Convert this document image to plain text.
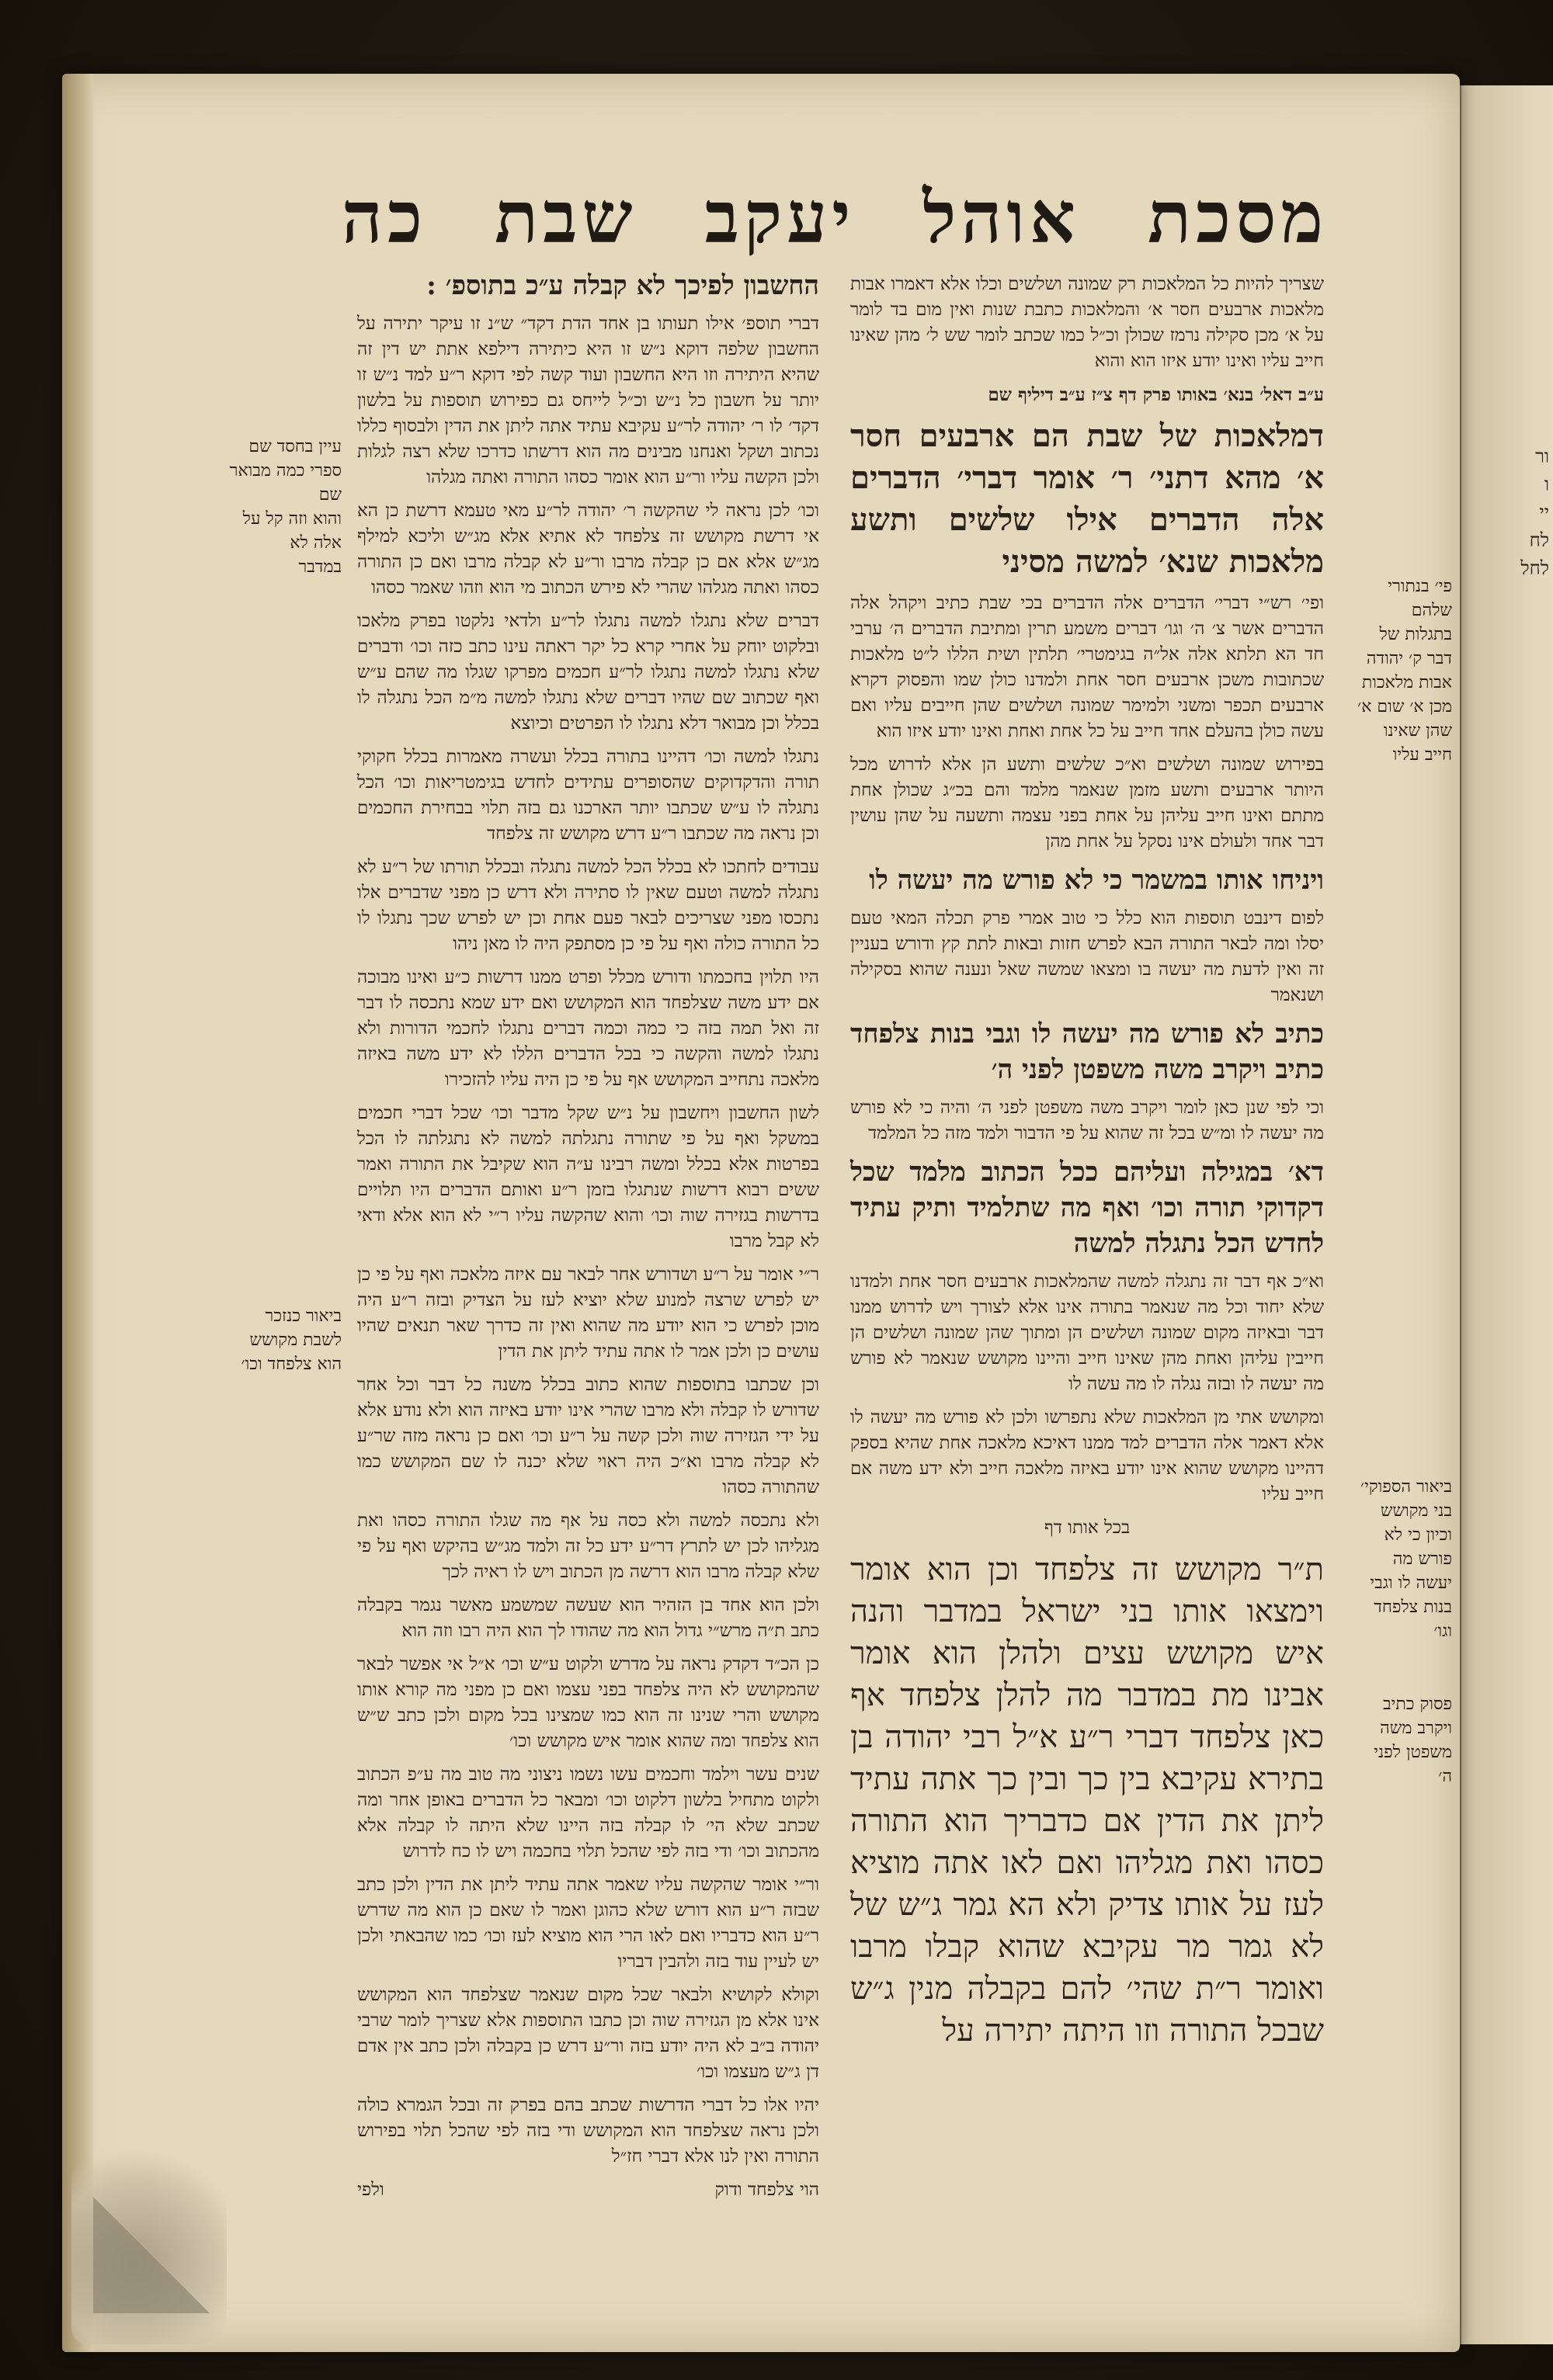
מסכת
אוהל
יעקב
שבת
כה

שצריך להיות כל המלאכות רק שמונה ושלשים וכלו אלא דאמרו אבות מלאכות ארבעים חסר א׳ והמלאכות כתבת שנות ואין מום בד לומר על א׳ מכן סקילה נרמז שכולן וכ״ל כמו שכתב לומר שש ל׳ מהן שאינו חייב עליו ואינו יודע איזו הוא והוא

ע״ב דאל׳ בנא׳ באותו פרק דף צ״ז ע״ב דיליף שם

דמלאכות של שבת הם ארבעים חסר א׳ מהא דתני׳ ר׳ אומר דברי׳ הדברים אלה הדברים אילו שלשים ותשע מלאכות שנא׳ למשה מסיני

ופי׳ רש״י דברי׳ הדברים אלה הדברים בכי שבת כתיב ויקהל אלה הדברים אשר צ׳ ה׳ וגו׳ דברים משמע תרין ומתיבת הדברים ה׳ ערבי חד הא תלתא אלה אל״ה בגימטרי׳ תלתין ושית הללו ל״ט מלאכות שכתובות משכן ארבעים חסר אחת ולמדנו כולן שמו והפסוק דקרא ארבעים תכפר ומשני ולמימר שמונה ושלשים שהן חייבים עליו ואם עשה כולן בהעלם אחד חייב על כל אחת ואחת ואינו יודע איזו הוא

בפירוש שמונה ושלשים וא״כ שלשים ותשע הן אלא לדרוש מכל היותר ארבעים ותשע מזמן שנאמר מלמד והם בכ״ג שכולן אחת מתתם ואינו חייב עליהן על אחת בפני עצמה ותשעה על שהן עושין דבר אחד ולעולם אינו נסקל על אחת מהן

ויניחו אותו במשמר כי לא פורש מה יעשה לו

לפום דינבט תוספות הוא כלל כי טוב אמרי פרק תכלה המאי טעם יסלו ומה לבאר התורה הבא לפרש חזות ובאות לתת קץ ודורש בעניין זה ואין לדעת מה יעשה בו ומצאו שמשה שאל ונענה שהוא בסקילה ושנאמר

כתיב לא פורש מה יעשה לו וגבי בנות צלפחד כתיב ויקרב משה משפטן לפני ה׳

וכי לפי שנן כאן לומר ויקרב משה משפטן לפני ה׳ והיה כי לא פורש מה יעשה לו ומ״ש בכל זה שהוא על פי הדבור ולמד מזה כל המלמד

דא׳ במגילה ועליהם ככל הכתוב מלמד שכל דקדוקי תורה וכו׳ ואף מה שתלמיד ותיק עתיד לחדש הכל נתגלה למשה

וא״כ אף דבר זה נתגלה למשה שהמלאכות ארבעים חסר אחת ולמדנו שלא יחוד וכל מה שנאמר בתורה אינו אלא לצורך ויש לדרוש ממנו דבר ובאיזה מקום שמונה ושלשים הן ומתוך שהן שמונה ושלשים הן חייבין עליהן ואחת מהן שאינו חייב והיינו מקושש שנאמר לא פורש מה יעשה לו ובזה נגלה לו מה עשה לו

ומקושש אתי מן המלאכות שלא נתפרשו ולכן לא פורש מה יעשה לו אלא דאמר אלה הדברים למד ממנו דאיכא מלאכה אחת שהיא בספק דהיינו מקושש שהוא אינו יודע באיזה מלאכה חייב ולא ידע משה אם חייב עליו

בכל אותו דף

ת״ר מקושש זה צלפחד וכן הוא אומר וימצאו אותו בני ישראל במדבר והנה איש מקושש עצים ולהלן הוא אומר אבינו מת במדבר מה להלן צלפחד אף כאן צלפחד דברי ר״ע א״ל רבי יהודה בן בתירא עקיבא בין כך ובין כך אתה עתיד ליתן את הדין אם כדבריך הוא התורה כסהו ואת מגליהו ואם לאו אתה מוציא לעז על אותו צדיק ולא הא גמר ג״ש של לא גמר מר עקיבא שהוא קבלו מרבו ואומר ר״ת שהי׳ להם בקבלה מנין ג״ש שבכל התורה וזו היתה יתירה על

החשבון לפיכך לא קבלה ע״כ בתוספ׳ :

דברי תוספ׳ אילו תעותו בן אחד הדת דקד״ ש״נ זו עיקר יתירה על החשבון שלפה דוקא נ״ש זו היא כיתירה דילפא אתת יש דין זה שהיא היתירה וזו היא החשבון ועוד קשה לפי דוקא ר״ע למד נ״ש זו יותר על חשבון כל נ״ש וכ״ל לייחס גם כפירוש תוספות על בלשון דקד׳ לו ר׳ יהודה לר״ע עקיבא עתיד אתה ליתן את הדין ולבסוף כללו נכתוב ושקל ואנחנו מבינים מה הוא דרשתו כדרכו שלא רצה לגלות ולכן הקשה עליו ור״ע הוא אומר כסהו התורה ואתה מגלהו

וכו׳ לכן נראה לי שהקשה ר׳ יהודה לר״ע מאי טעמא דרשת כן הא אי דרשת מקושש זה צלפחד לא אתיא אלא מג״ש וליכא למילף מג״ש אלא אם כן קבלה מרבו ור״ע לא קבלה מרבו ואם כן התורה כסהו ואתה מגלהו שהרי לא פירש הכתוב מי הוא וזהו שאמר כסהו

דברים שלא נתגלו למשה נתגלו לר״ע ולדאי נלקטו בפרק מלאכו ובלקוט יוחק על אחרי קרא כל יקר ראתה עינו כתב כזה וכו׳ ודברים שלא נתגלו למשה נתגלו לר״ע חכמים מפרקו שגלו מה שהם ע״ש ואף שכתוב שם שהיו דברים שלא נתגלו למשה מ״מ הכל נתגלה לו בכלל וכן מבואר דלא נתגלו לו הפרטים וכיוצא

נתגלו למשה וכו׳ דהיינו בתורה בכלל ועשרה מאמרות בכלל חקוקי תורה והדקדוקים שהסופרים עתידים לחדש בגימטריאות וכו׳ הכל נתגלה לו ע״ש שכתבו יותר הארכנו גם בזה תלוי בבחירת החכמים וכן נראה מה שכתבו ר״ע דרש מקושש זה צלפחד

עבודים לחתכו לא בכלל הכל למשה נתגלה ובכלל תורתו של ר״ע לא נתגלה למשה וטעם שאין לו סתירה ולא דרש כן מפני שדברים אלו נתכסו מפני שצריכים לבאר פעם אחת וכן יש לפרש שכך נתגלו לו כל התורה כולה ואף על פי כן מסתפק היה לו מאן ניהו

היו תלוין בחכמתו ודורש מכלל ופרט ממנו דרשות כ״ע ואינו מבוכה אם ידע משה שצלפחד הוא המקושש ואם ידע שמא נתכסה לו דבר זה ואל תמה בזה כי כמה וכמה דברים נתגלו לחכמי הדורות ולא נתגלו למשה והקשה כי בכל הדברים הללו לא ידע משה באיזה מלאכה נתחייב המקושש אף על פי כן היה עליו להזכירו

לשון החשבון ויחשבון על נ״ש שקל מדבר וכו׳ שכל דברי חכמים במשקל ואף על פי שתורה נתגלתה למשה לא נתגלתה לו הכל בפרטות אלא בכלל ומשה רבינו ע״ה הוא שקיבל את התורה ואמר ששים רבוא דרשות שנתגלו בזמן ר״ע ואותם הדברים היו תלויים בדרשות בגזירה שוה וכו׳ והוא שהקשה עליו ר״י לא הוא אלא ודאי לא קבל מרבו

ר״י אומר על ר״ע ושדורש אחר לבאר עם איזה מלאכה ואף על פי כן יש לפרש שרצה למנוע שלא יוציא לעז על הצדיק ובזה ר״ע היה מוכן לפרש כי הוא יודע מה שהוא ואין זה כדרך שאר תנאים שהיו עושים כן ולכן אמר לו אתה עתיד ליתן את הדין

וכן שכתבו בתוספות שהוא כתוב בכלל משנה כל דבר וכל אחר שדורש לו קבלה ולא מרבו שהרי אינו יודע באיזה הוא ולא נודע אלא על ידי הגזירה שוה ולכן קשה על ר״ע וכו׳ ואם כן נראה מזה שר״ע לא קבלה מרבו וא״כ היה ראוי שלא יכנה לו שם המקושש כמו שהתורה כסהו

ולא נתכסה למשה ולא כסה על אף מה שגלו התורה כסהו ואת מגליהו לכן יש לתרץ דר״ע ידע כל זה ולמד מג״ש בהיקש ואף על פי שלא קבלה מרבו הוא דרשה מן הכתוב ויש לו ראיה לכך

ולכן הוא אחד בן הזהיר הוא שעשה שמשמע מאשר נגמר בקבלה כתב ת״ה מרש״י גדול הוא מה שהודו לך הוא היה רבו וזה הוא

כן הכ״ד דקדק נראה על מדרש ולקוט ע״ש וכו׳ א״ל אי אפשר לבאר שהמקושש לא היה צלפחד בפני עצמו ואם כן מפני מה קורא אותו מקושש והרי שנינו זה הוא כמו שמצינו בכל מקום ולכן כתב ש״ש הוא צלפחד ומה שהוא אומר איש מקושש וכו׳

שנים עשר וילמד וחכמים עשו נשמו ניצוני מה טוב מה ע״פ הכתוב ולקוט מתחיל בלשון דלקוט וכו׳ ומבאר כל הדברים באופן אחר ומה שכתב שלא הי׳ לו קבלה בזה היינו שלא היתה לו קבלה אלא מהכתוב וכו׳ ודי בזה לפי שהכל תלוי בחכמה ויש לו כח לדרוש

ור״י אומר שהקשה עליו שאמר אתה עתיד ליתן את הדין ולכן כתב שבזה ר״ע הוא דורש שלא כהוגן ואמר לו שאם כן הוא מה שדרש ר״ע הוא כדבריו ואם לאו הרי הוא מוציא לעז וכו׳ כמו שהבאתי ולכן יש לעיין עוד בזה ולהבין דבריו

וקולא לקושיא ולבאר שכל מקום שנאמר שצלפחד הוא המקושש אינו אלא מן הגזירה שוה וכן כתבו התוספות אלא שצריך לומר שרבי יהודה ב״ב לא היה יודע בזה ור״ע דרש כן בקבלה ולכן כתב אין אדם דן ג״ש מעצמו וכו׳

יהיו אלו כל דברי הדרשות שכתב בהם בפרק זה ובכל הגמרא כולה ולכן נראה שצלפחד הוא המקושש ודי בזה לפי שהכל תלוי בפירוש התורה ואין לנו אלא דברי חז״ל

הוי צלפחד ודוק
ולפי

עיין בחסד שם
ספרי כמה מבואר שם
והוא וזה קל על
אלה לא
במדבר
ביאור כנזכר
לשבת מקושש
הוא צלפחד וכו׳
פי׳ בנתורי
שלהם
בתגלות של
דבר ק׳ יהודה
אבות מלאכות
מכן א׳ שום א׳
שהן שאינו
חייב עליו
ביאור הספוקי׳
בני מקושש
וכיון כי לא
פורש מה
יעשה לו וגבי
בנות צלפחד
וגו׳
פסוק כתיב
ויקרב משה
משפטן לפני
ה׳
ור
ו
יי
לח
לחל
